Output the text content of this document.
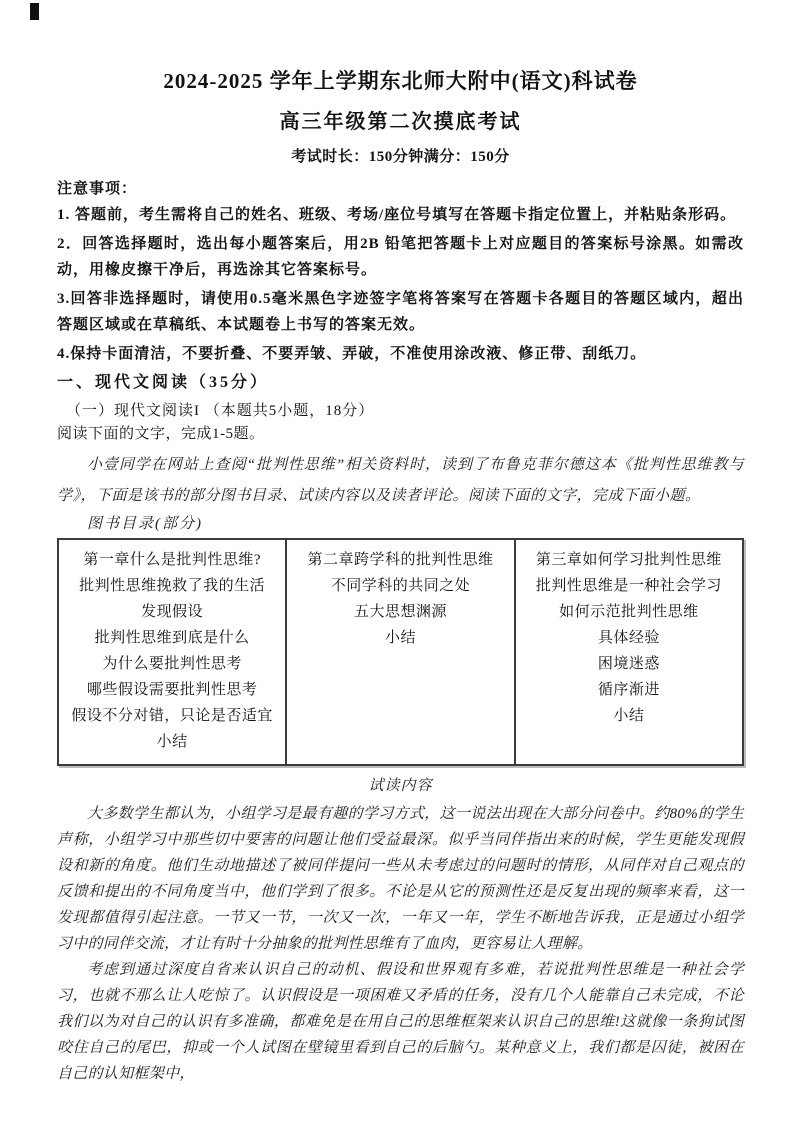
2024-2025 学年上学期东北师大附中(语文)科试卷
高三年级第二次摸底考试
考试时长：150分钟满分：150分
注意事项：

1. 答题前，考生需将自己的姓名、班级、考场/座位号填写在答题卡指定位置上，并粘贴条形码。

2．回答选择题时，选出每小题答案后，用2B 铅笔把答题卡上对应题目的答案标号涂黑。如需改动，用橡皮擦干净后，再选涂其它答案标号。

3.回答非选择题时，请使用0.5毫米黑色字迹签字笔将答案写在答题卡各题目的答题区域内，超出答题区域或在草稿纸、本试题卷上书写的答案无效。

4.保持卡面清洁，不要折叠、不要弄皱、弄破，不准使用涂改液、修正带、刮纸刀。

一、现代文阅读（35分）
（一）现代文阅读I （本题共5小题，18分）
阅读下面的文字，完成1-5题。

小壹同学在网站上查阅“批判性思维”相关资料时，读到了布鲁克菲尔德这本《批判性思维教与学》，下面是该书的部分图书目录、试读内容以及读者评论。阅读下面的文字，完成下面小题。

图书目录(部分)
第一章什么是批判性思维?
批判性思维挽救了我的生活
发现假设
批判性思维到底是什么
为什么要批判性思考
哪些假设需要批判性思考
假设不分对错，只论是否适宜
小结
第二章跨学科的批判性思维
不同学科的共同之处
五大思想渊源
小结
第三章如何学习批判性思维
批判性思维是一种社会学习
如何示范批判性思维
具体经验
困境迷惑
循序渐进
小结
试读内容

大多数学生都认为，小组学习是最有趣的学习方式，这一说法出现在大部分问卷中。约80%的学生声称，小组学习中那些切中要害的问题让他们受益最深。似乎当同伴指出来的时候，学生更能发现假设和新的角度。他们生动地描述了被同伴提问一些从未考虑过的问题时的情形，从同伴对自己观点的反馈和提出的不同角度当中，他们学到了很多。不论是从它的预测性还是反复出现的频率来看，这一发现都值得引起注意。一节又一节，一次又一次，一年又一年，学生不断地告诉我，正是通过小组学习中的同伴交流，才让有时十分抽象的批判性思维有了血肉，更容易让人理解。

考虑到通过深度自省来认识自己的动机、假设和世界观有多难，若说批判性思维是一种社会学习，也就不那么让人吃惊了。认识假设是一项困难又矛盾的任务，没有几个人能靠自己未完成，不论我们以为对自己的认识有多准确，都难免是在用自己的思维框架来认识自己的思维!这就像一条狗试图咬住自己的尾巴，抑或一个人试图在壁镜里看到自己的后脑勺。某种意义上，我们都是囚徒，被困在自己的认知框架中，
